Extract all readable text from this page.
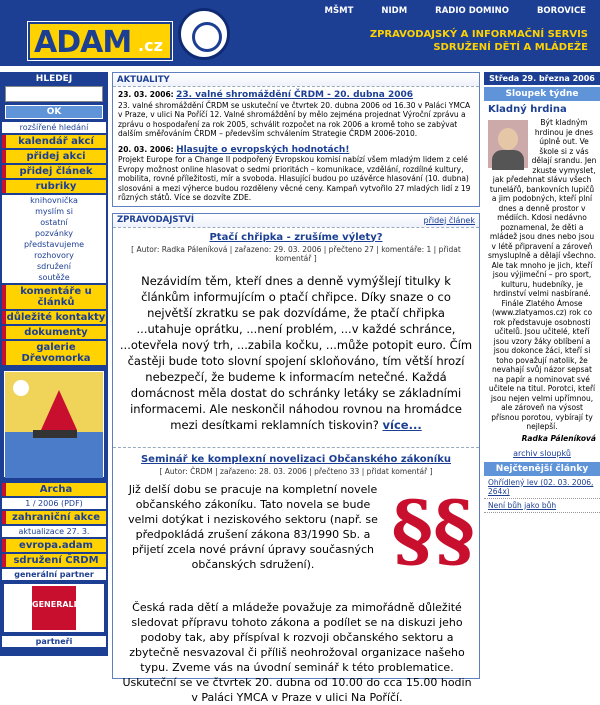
ADAM .cz
MŠMT	NIDM	RADIO DOMINO	BOROVICE
ZPRAVODAJSKÝ A INFORMAČNÍ SERVIS SDRUŽENÍ DĚTÍ A MLÁDEŽE
HLEDEJ
OK
rozšířené hledání
kalendář akcí
přidej akci
přidej článek
rubriky
knihovnička
myslím si
ostatní
pozvánky
představujeme
rozhovory
sdružení
soutěže
komentáře u článků
důležité kontakty
dokumenty
galerie Dřevomorka
Archa
1 / 2006 (PDF)
zahraniční akce
aktualizace 27. 3.
evropa.adam
sdružení ČRDM
generální partner
GENERALI
partneři
AKTUALITY
23. 03. 2006: 23. valné shromáždění ČRDM - 20. dubna 2006
23. valné shromáždění ČRDM se uskuteční ve čtvrtek 20. dubna 2006 od 16.30 v Paláci YMCA v Praze, v ulici Na Poříčí 12. Valné shromáždění by mělo zejména projednat Výroční zprávu a zprávu o hospodaření za rok 2005, schválit rozpočet na rok 2006 a kromě toho se zabývat dalším směřováním ČRDM – především schválením Strategie ČRDM 2006-2010.
20. 03. 2006: Hlasujte o evropských hodnotách!
Projekt Europe for a Change II podpořený Evropskou komisí nabízí všem mladým lidem z celé Evropy možnost online hlasovat o sedmi prioritách – komunikace, vzdělání, rozdílné kultury, mobilita, rovné příležitosti, mír a svoboda. Hlasující budou po uzávěrce hlasování (10. dubna) slosováni a mezi výherce budou rozděleny věcné ceny. Kampaň vytvořilo 27 mladých lidí z 19 různých států. Více se dozvíte ZDE.
ZPRAVODAJSTVÍ	přidej článek
Ptačí chřipka - zrušíme výlety?
[ Autor: Radka Páleníková | zařazeno: 29. 03. 2006 | přečteno 27 | komentáře: 1 | přidat komentář ]
Nezávidím těm, kteří dnes a denně vymýšlejí titulky k článkům informujícím o ptačí chřipce. Díky snaze o co největší zkratku se pak dozvídáme, že ptačí chřipka ...utahuje oprátku, ...není problém, ...v každé schránce, ...otevřela nový trh, ...zabila kočku, ...může potopit euro. Čím častěji bude toto slovní spojení skloňováno, tím větší hrozí nebezpečí, že budeme k informacím netečné. Každá domácnost měla dostat do schránky letáky se základními informacemi. Ale neskončil náhodou rovnou na hromádce mezi desítkami reklamních tiskovin? více...
Seminář ke komplexní novelizaci Občanského zákoníku
[ Autor: ČRDM | zařazeno: 28. 03. 2006 | přečteno 33 | přidat komentář ]
Již delší dobu se pracuje na kompletní novele občanského zákoníku. Tato novela se bude velmi dotýkat i neziskového sektoru (např. se předpokládá zrušení zákona 83/1990 Sb. a přijetí zcela nové právní úpravy současných občanských sdružení). §§
Česká rada dětí a mládeže považuje za mimořádně důležité sledovat přípravu tohoto zákona a podílet se na diskuzi jeho podoby tak, aby příspíval k rozvoji občanského sektoru a zbytečně nesvazoval či příliš neohrožoval organizace našeho typu. Zveme vás na úvodní seminář k této problematice. Uskuteční se ve čtvrtek 20. dubna od 10.00 do cca 15.00 hodin v Paláci YMCA v Praze v ulici Na Poříčí.
Středa 29. března 2006
Sloupek týdne
Kladný hrdina
Být kladným hrdinou je dnes úplně out. Ve škole si z vás dělají srandu. Jen zkuste vymyslet, jak předehnat slávu všech tunelářů, bankovních lupičů a jim podobných, kteří plní dnes a denně prostor v médiích. Kdosi nedávno poznamenal, že děti a mládež jsou dnes nebo jsou v létě připravení a zároveň smysluplně a dělají všechno. Ale tak mnoho je jich, kteří jsou výjimeční – pro sport, kulturu, hudebníky, je hrdinství velmi nasbírané. Finále Zlatého Ámose (www.zlatyamos.cz) rok co rok představuje osobnosti učitelů. Jsou učitelé, kteří jsou vzory žáky oblíbení a jsou dokonce žáci, kteří si toho považují natolik, že nevahají svůj názor sepsat na papír a nominovat své učitele na titul. Porotci, kteří jsou nejen velmi upřímnou, ale zároveň na výsost přísnou porotou, vybírají ty nejlepší.
Radka Páleníková
archiv sloupků
Nejčtenější články
Ohřídlený lev (02. 03. 2006, 264x)
Není bůh jako bůh
